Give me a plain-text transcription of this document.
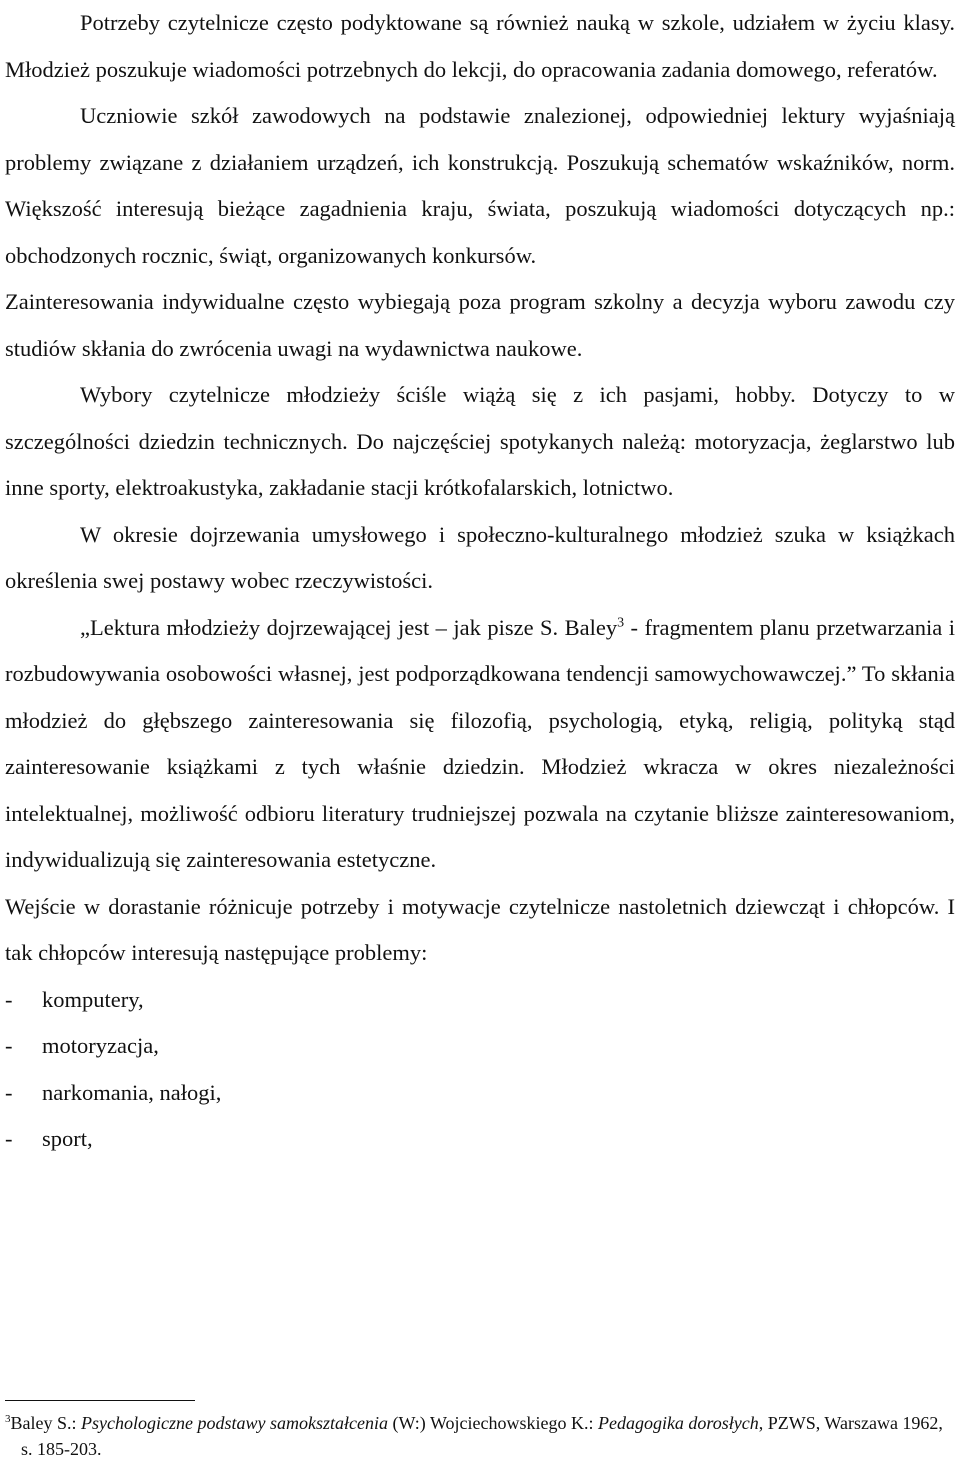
Potrzeby czytelnicze często podyktowane są również nauką w szkole, udziałem w życiu klasy. Młodzież poszukuje wiadomości potrzebnych do lekcji, do opracowania zadania domowego, referatów.

Uczniowie szkół zawodowych na podstawie znalezionej, odpowiedniej lektury wyjaśniają problemy związane z działaniem urządzeń, ich konstrukcją. Poszukują schematów wskaźników, norm. Większość interesują bieżące zagadnienia kraju, świata, poszukują wiadomości dotyczących np.: obchodzonych rocznic, świąt, organizowanych konkursów.

Zainteresowania indywidualne często wybiegają poza program szkolny a decyzja wyboru zawodu czy studiów skłania do zwrócenia uwagi na wydawnictwa naukowe.

Wybory czytelnicze młodzieży ściśle wiążą się z ich pasjami, hobby. Dotyczy to w szczególności dziedzin technicznych. Do najczęściej spotykanych należą: motoryzacja, żeglarstwo lub inne sporty, elektroakustyka, zakładanie stacji krótkofalarskich, lotnictwo.

W okresie dojrzewania umysłowego i społeczno-kulturalnego młodzież szuka w książkach określenia swej postawy wobec rzeczywistości.

„Lektura młodzieży dojrzewającej jest – jak pisze S. Baley$^3$ - fragmentem planu przetwarzania i rozbudowywania osobowości własnej, jest podporządkowana tendencji samowychowawczej.” To skłania młodzież do głębszego zainteresowania się filozofią, psychologią, etyką, religią, polityką stąd zainteresowanie książkami z tych właśnie dziedzin. Młodzież wkracza w okres niezależności intelektualnej, możliwość odbioru literatury trudniejszej pozwala na czytanie bliższe zainteresowaniom, indywidualizują się zainteresowania estetyczne.

Wejście w dorastanie różnicuje potrzeby i motywacje czytelnicze nastoletnich dziewcząt i chłopców. I tak chłopców interesują następujące problemy:

- komputery,
- motoryzacja,
- narkomania, nałogi,
- sport,

$^3$Baley S.: Psychologiczne podstawy samokształcenia (W:) Wojciechowskiego K.: Pedagogika dorosłych, PZWS, Warszawa 1962, s. 185-203.
